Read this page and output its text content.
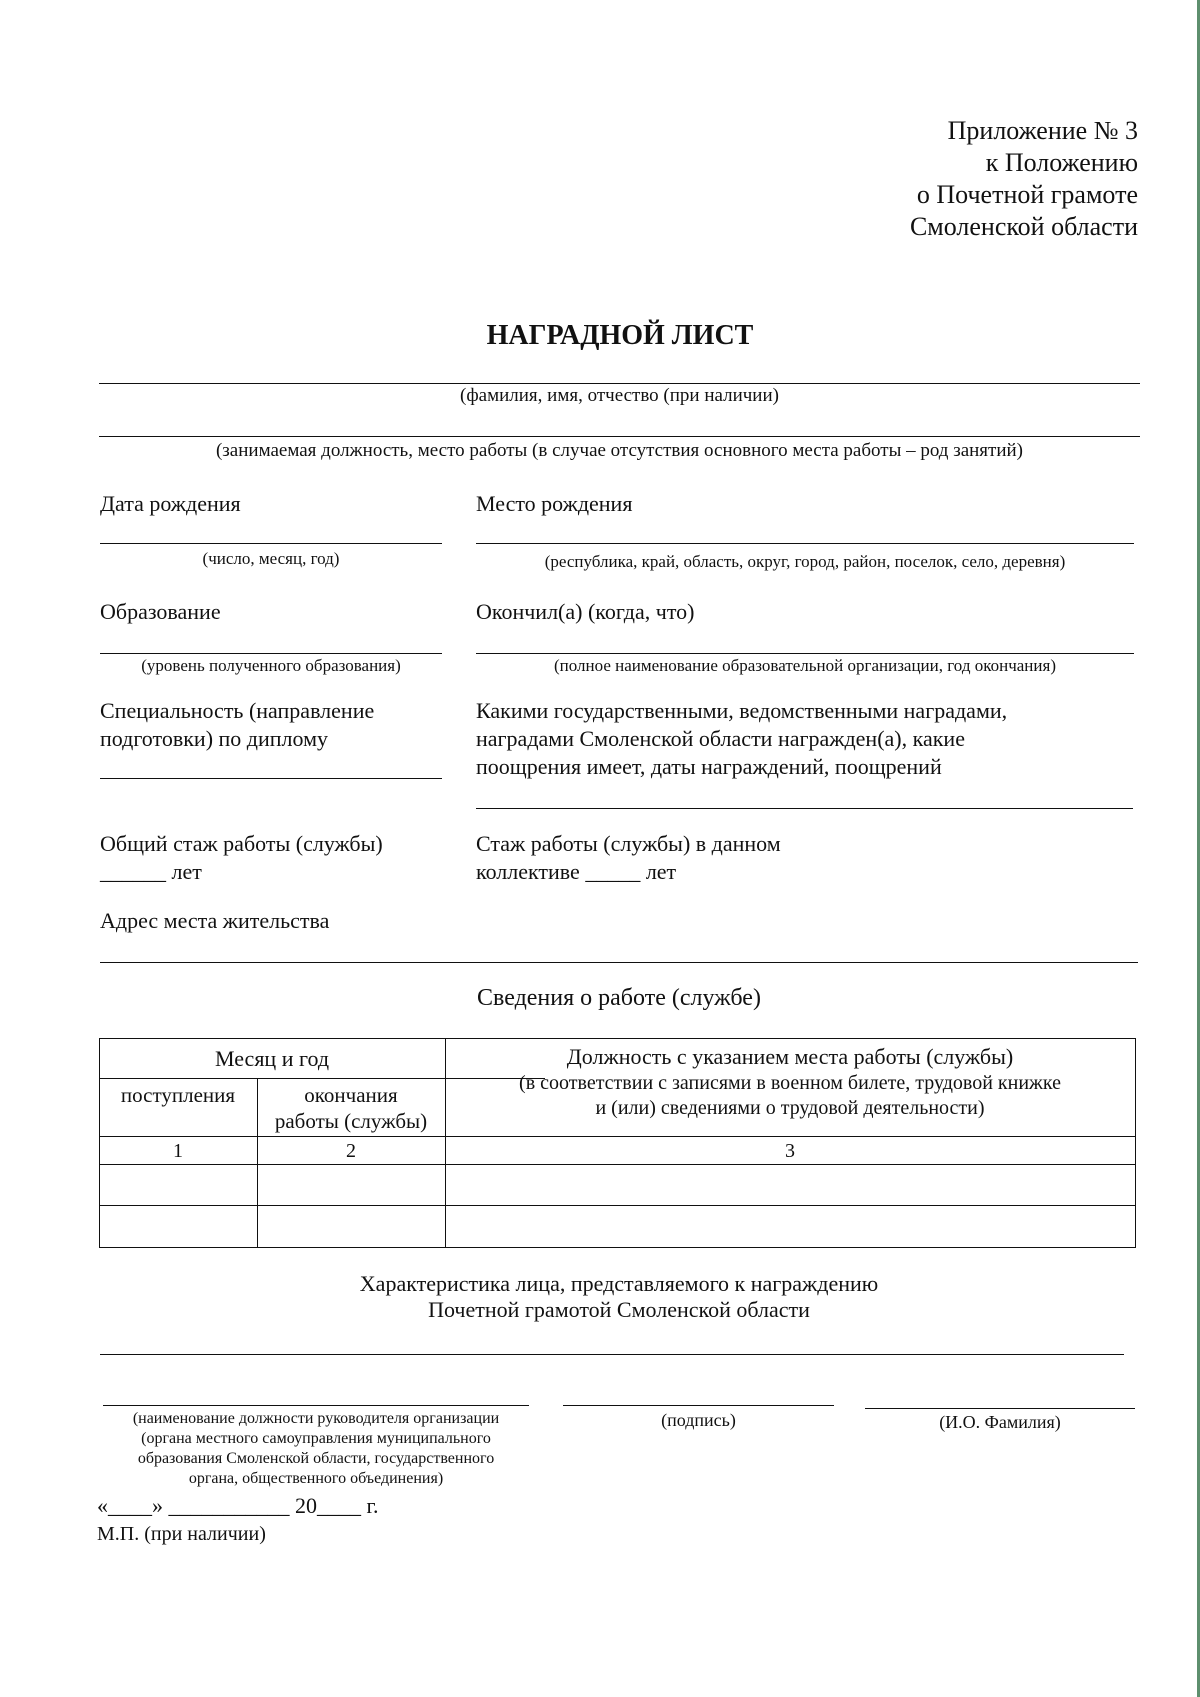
Приложение № 3
к Положению
о Почетной грамоте
Смоленской области
НАГРАДНОЙ ЛИСТ
(фамилия, имя, отчество (при наличии)
(занимаемая должность, место работы (в случае отсутствия основного места работы – род занятий)
Дата рождения	Место рождения
(число, месяц, год)	(республика, край, область, округ, город, район, поселок, село, деревня)
Образование	Окончил(а) (когда, что)
(уровень полученного образования)	(полное наименование образовательной организации, год окончания)
Специальность (направление
подготовки) по диплому
Какими государственными, ведомственными наградами,
наградами Смоленской области награжден(а), какие
поощрения имеет, даты награждений, поощрений
Общий стаж работы (службы)
______ лет
Стаж работы (службы) в данном
коллективе _____ лет
Адрес места жительства
Сведения о работе (службе)
Месяц и год
поступления	окончания
работы (службы)
Должность с указанием места работы (службы)
(в соответствии с записями в военном билете, трудовой книжке
и (или) сведениями о трудовой деятельности)
1	2	3
Характеристика лица, представляемого к награждению
Почетной грамотой Смоленской области
(наименование должности руководителя организации
(органа местного самоуправления муниципального
образования Смоленской области, государственного
органа, общественного объединения)
(подпись)	(И.О. Фамилия)
«____» ___________ 20____ г.
М.П. (при наличии)
